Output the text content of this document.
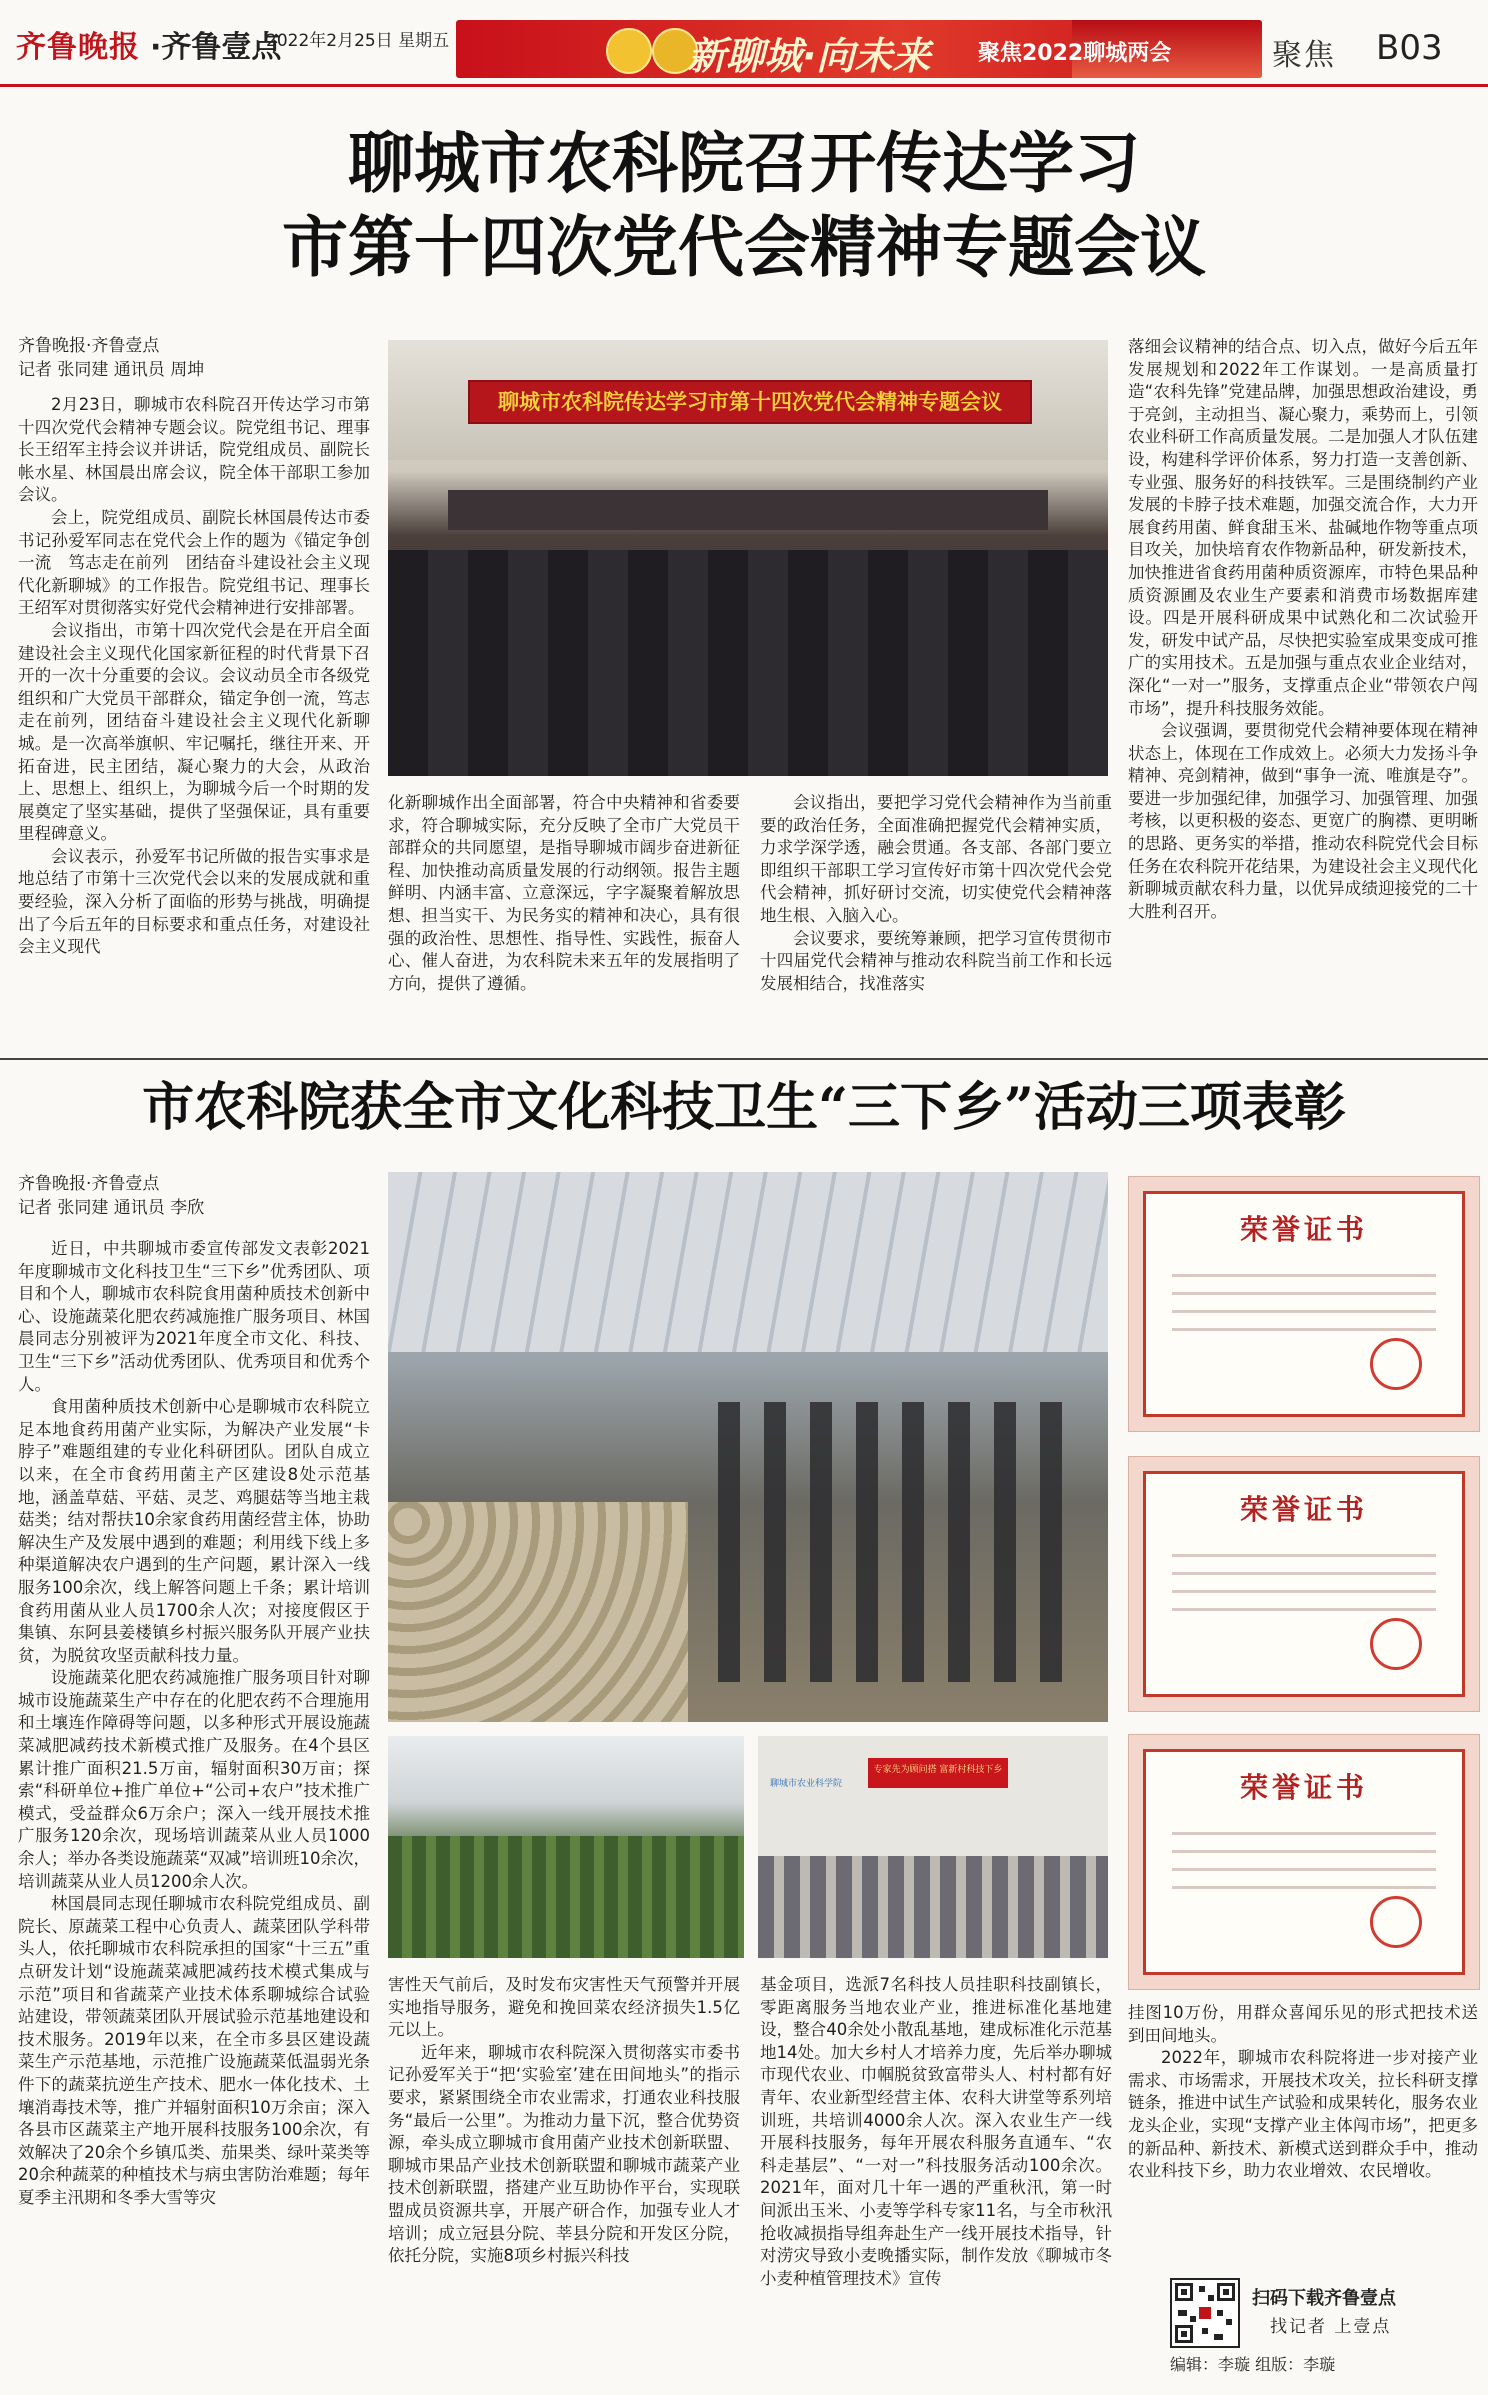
齐鲁晚报 ·齐鲁壹点
2022年2月25日 星期五	新聊城·向未来 聚焦2022聊城两会	聚焦 B03
聊城市农科院召开传达学习
市第十四次党代会精神专题会议
齐鲁晚报·齐鲁壹点
记者 张同建 通讯员 周坤
聊城市农科院传达学习市第十四次党代会精神专题会议

2月23日，聊城市农科院召开传达学习市第十四次党代会精神专题会议。院党组书记、理事长王绍军主持会议并讲话，院党组成员、副院长帐水星、林国晨出席会议，院全体干部职工参加会议。

会上，院党组成员、副院长林国晨传达市委书记孙爱军同志在党代会上作的题为《锚定争创一流　笃志走在前列　团结奋斗建设社会主义现代化新聊城》的工作报告。院党组书记、理事长王绍军对贯彻落实好党代会精神进行安排部署。

会议指出，市第十四次党代会是在开启全面建设社会主义现代化国家新征程的时代背景下召开的一次十分重要的会议。会议动员全市各级党组织和广大党员干部群众，锚定争创一流，笃志走在前列，团结奋斗建设社会主义现代化新聊城。是一次高举旗帜、牢记嘱托，继往开来、开拓奋进，民主团结，凝心聚力的大会，从政治上、思想上、组织上，为聊城今后一个时期的发展奠定了坚实基础，提供了坚强保证，具有重要里程碑意义。

会议表示，孙爱军书记所做的报告实事求是地总结了市第十三次党代会以来的发展成就和重要经验，深入分析了面临的形势与挑战，明确提出了今后五年的目标要求和重点任务，对建设社会主义现代

化新聊城作出全面部署，符合中央精神和省委要求，符合聊城实际，充分反映了全市广大党员干部群众的共同愿望，是指导聊城市阔步奋进新征程、加快推动高质量发展的行动纲领。报告主题鲜明、内涵丰富、立意深远，字字凝聚着解放思想、担当实干、为民务实的精神和决心，具有很强的政治性、思想性、指导性、实践性，振奋人心、催人奋进，为农科院未来五年的发展指明了方向，提供了遵循。

会议指出，要把学习党代会精神作为当前重要的政治任务，全面准确把握党代会精神实质，力求学深学透，融会贯通。各支部、各部门要立即组织干部职工学习宣传好市第十四次党代会党代会精神，抓好研讨交流，切实使党代会精神落地生根、入脑入心。

会议要求，要统筹兼顾，把学习宣传贯彻市十四届党代会精神与推动农科院当前工作和长远发展相结合，找准落实

落细会议精神的结合点、切入点，做好今后五年发展规划和2022年工作谋划。一是高质量打造“农科先锋”党建品牌，加强思想政治建设，勇于亮剑，主动担当、凝心聚力，乘势而上，引领农业科研工作高质量发展。二是加强人才队伍建设，构建科学评价体系，努力打造一支善创新、专业强、服务好的科技铁军。三是围绕制约产业发展的卡脖子技术难题，加强交流合作，大力开展食药用菌、鲜食甜玉米、盐碱地作物等重点项目攻关，加快培育农作物新品种，研发新技术，加快推进省食药用菌种质资源库，市特色果品种质资源圃及农业生产要素和消费市场数据库建设。四是开展科研成果中试熟化和二次试验开发，研发中试产品，尽快把实验室成果变成可推广的实用技术。五是加强与重点农业企业结对，深化“一对一”服务，支撑重点企业“带领农户闯市场”，提升科技服务效能。

会议强调，要贯彻党代会精神要体现在精神状态上，体现在工作成效上。必须大力发扬斗争精神、亮剑精神，做到“事争一流、唯旗是夺”。要进一步加强纪律，加强学习、加强管理、加强考核，以更积极的姿态、更宽广的胸襟、更明晰的思路、更务实的举措，推动农科院党代会目标任务在农科院开花结果，为建设社会主义现代化新聊城贡献农科力量，以优异成绩迎接党的二十大胜利召开。

市农科院获全市文化科技卫生“三下乡”活动三项表彰
齐鲁晚报·齐鲁壹点
记者 张同建 通讯员 李欣
专家先为顾问搭 富新村科技下乡
聊城市农业科学院
荣誉证书
荣誉证书
荣誉证书

近日，中共聊城市委宣传部发文表彰2021年度聊城市文化科技卫生“三下乡”优秀团队、项目和个人，聊城市农科院食用菌种质技术创新中心、设施蔬菜化肥农药减施推广服务项目、林国晨同志分别被评为2021年度全市文化、科技、卫生“三下乡”活动优秀团队、优秀项目和优秀个人。

食用菌种质技术创新中心是聊城市农科院立足本地食药用菌产业实际，为解决产业发展“卡脖子”难题组建的专业化科研团队。团队自成立以来，在全市食药用菌主产区建设8处示范基地，涵盖草菇、平菇、灵芝、鸡腿菇等当地主栽菇类；结对帮扶10余家食药用菌经营主体，协助解决生产及发展中遇到的难题；利用线下线上多种渠道解决农户遇到的生产问题，累计深入一线服务100余次，线上解答问题上千条；累计培训食药用菌从业人员1700余人次；对接度假区于集镇、东阿县姜楼镇乡村振兴服务队开展产业扶贫，为脱贫攻坚贡献科技力量。

设施蔬菜化肥农药减施推广服务项目针对聊城市设施蔬菜生产中存在的化肥农药不合理施用和土壤连作障碍等问题，以多种形式开展设施蔬菜减肥减药技术新模式推广及服务。在4个县区累计推广面积21.5万亩，辐射面积30万亩；探索“科研单位+推广单位+“公司+农户”技术推广模式，受益群众6万余户；深入一线开展技术推广服务120余次，现场培训蔬菜从业人员1000余人；举办各类设施蔬菜“双减”培训班10余次，培训蔬菜从业人员1200余人次。

林国晨同志现任聊城市农科院党组成员、副院长、原蔬菜工程中心负责人、蔬菜团队学科带头人，依托聊城市农科院承担的国家“十三五”重点研发计划“设施蔬菜减肥减药技术模式集成与示范”项目和省蔬菜产业技术体系聊城综合试验站建设，带领蔬菜团队开展试验示范基地建设和技术服务。2019年以来，在全市多县区建设蔬菜生产示范基地，示范推广设施蔬菜低温弱光条件下的蔬菜抗逆生产技术、肥水一体化技术、土壤消毒技术等，推广并辐射面积10万余亩；深入各县市区蔬菜主产地开展科技服务100余次，有效解决了20余个乡镇瓜类、茄果类、绿叶菜类等20余种蔬菜的种植技术与病虫害防治难题；每年夏季主汛期和冬季大雪等灾

害性天气前后，及时发布灾害性天气预警并开展实地指导服务，避免和挽回菜农经济损失1.5亿元以上。

近年来，聊城市农科院深入贯彻落实市委书记孙爱军关于“把‘实验室’建在田间地头”的指示要求，紧紧围绕全市农业需求，打通农业科技服务“最后一公里”。为推动力量下沉，整合优势资源，牵头成立聊城市食用菌产业技术创新联盟、聊城市果品产业技术创新联盟和聊城市蔬菜产业技术创新联盟，搭建产业互助协作平台，实现联盟成员资源共享，开展产研合作，加强专业人才培训；成立冠县分院、莘县分院和开发区分院，依托分院，实施8项乡村振兴科技

基金项目，选派7名科技人员挂职科技副镇长，零距离服务当地农业产业，推进标准化基地建设，整合40余处小散乱基地，建成标准化示范基地14处。加大乡村人才培养力度，先后举办聊城市现代农业、巾帼脱贫致富带头人、村村都有好青年、农业新型经营主体、农科大讲堂等系列培训班，共培训4000余人次。深入农业生产一线开展科技服务，每年开展农科服务直通车、“农科走基层”、“一对一”科技服务活动100余次。2021年，面对几十年一遇的严重秋汛，第一时间派出玉米、小麦等学科专家11名，与全市秋汛抢收减损指导组奔赴生产一线开展技术指导，针对涝灾导致小麦晚播实际，制作发放《聊城市冬小麦种植管理技术》宣传

挂图10万份，用群众喜闻乐见的形式把技术送到田间地头。

2022年，聊城市农科院将进一步对接产业需求、市场需求，开展技术攻关，拉长科研支撑链条，推进中试生产试验和成果转化，服务农业龙头企业，实现“支撑产业主体闯市场”，把更多的新品种、新技术、新模式送到群众手中，推动农业科技下乡，助力农业增效、农民增收。

扫码下载齐鲁壹点
找记者 上壹点
编辑：李璇 组版：李璇
